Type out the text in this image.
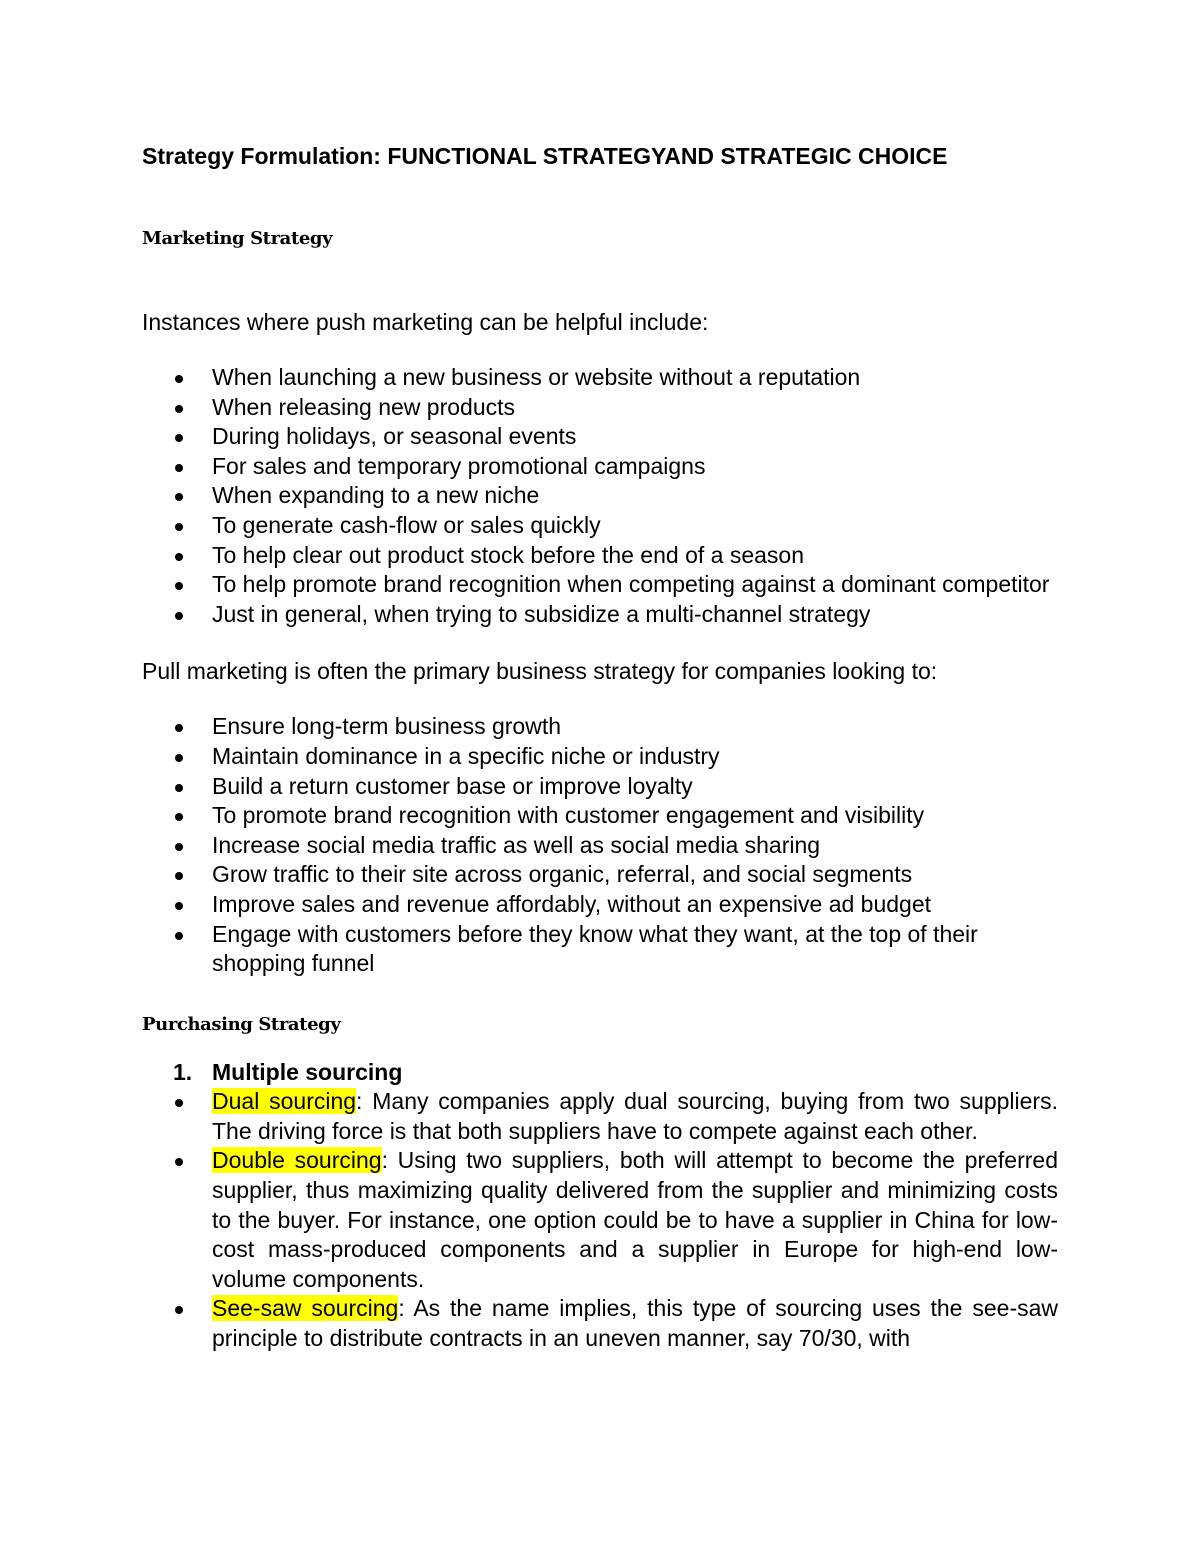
Strategy Formulation: FUNCTIONAL STRATEGYAND STRATEGIC CHOICE
Marketing Strategy

Instances where push marketing can be helpful include:

When launching a new business or website without a reputation
When releasing new products
During holidays, or seasonal events
For sales and temporary promotional campaigns
When expanding to a new niche
To generate cash-flow or sales quickly
To help clear out product stock before the end of a season
To help promote brand recognition when competing against a dominant competitor
Just in general, when trying to subsidize a multi-channel strategy

Pull marketing is often the primary business strategy for companies looking to:

Ensure long-term business growth
Maintain dominance in a specific niche or industry
Build a return customer base or improve loyalty
To promote brand recognition with customer engagement and visibility
Increase social media traffic as well as social media sharing
Grow traffic to their site across organic, referral, and social segments
Improve sales and revenue affordably, without an expensive ad budget
Engage with customers before they know what they want, at the top of their shopping funnel
Purchasing Strategy
1. Multiple sourcing
Dual sourcing: Many companies apply dual sourcing, buying from two suppliers. The driving force is that both suppliers have to compete against each other.
Double sourcing: Using two suppliers, both will attempt to become the preferred supplier, thus maximizing quality delivered from the supplier and minimizing costs to the buyer. For instance, one option could be to have a supplier in China for low-cost mass-produced components and a supplier in Europe for high-end low-volume components.
See-saw sourcing: As the name implies, this type of sourcing uses the see-saw principle to distribute contracts in an uneven manner, say 70/30, with
